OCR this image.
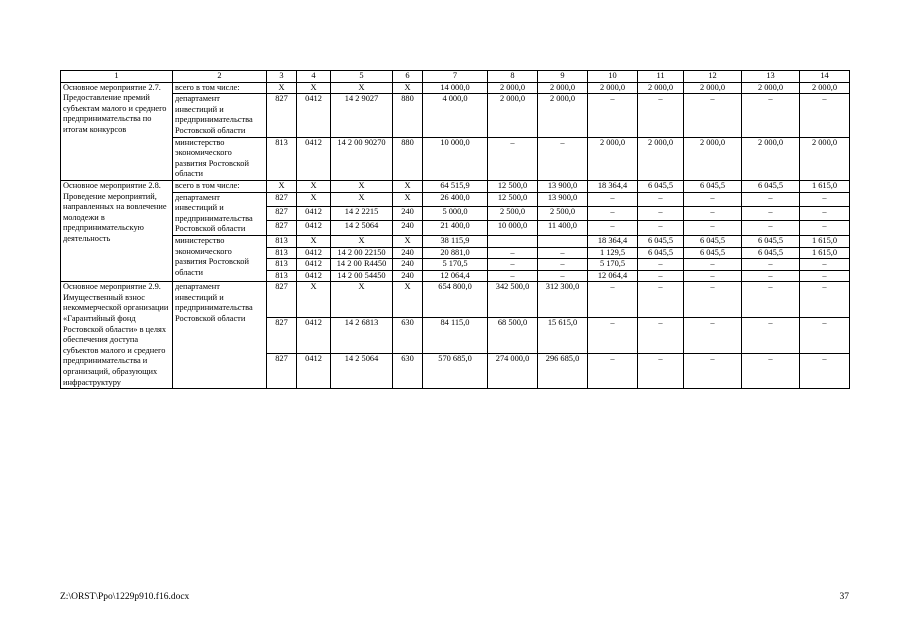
1	2	3	4	5	6	7	8	9	10	11	12	13	14
Основное мероприятие 2.7. Предоставление премий субъектам малого и среднего предпринимательства по итогам конкурсов	всего в том числе:	X	X	X	X	14 000,0	2 000,0	2 000,0	2 000,0	2 000,0	2 000,0	2 000,0	2 000,0
	департамент инвестиций и предпринимательства Ростовской области	827	0412	14 2 9027	880	4 000,0	2 000,0	2 000,0	–	–	–	–	–
	министерство экономического развития Ростовской области	813	0412	14 2 00 90270	880	10 000,0	–	–	2 000,0	2 000,0	2 000,0	2 000,0	2 000,0
Основное мероприятие 2.8. Проведение мероприятий, направленных на вовлечение молодежи в предпринимательскую деятельность	всего в том числе:	X	X	X	X	64 515,9	12 500,0	13 900,0	18 364,4	6 045,5	6 045,5	6 045,5	1 615,0
	департамент инвестиций и предпринимательства Ростовской области	827	X	X	X	26 400,0	12 500,0	13 900,0	–	–	–	–	–
		827	0412	14 2 2215	240	5 000,0	2 500,0	2 500,0	–	–	–	–	–
		827	0412	14 2 5064	240	21 400,0	10 000,0	11 400,0	–	–	–	–	–
	министерство экономического развития Ростовской области	813	X	X	X	38 115,9			18 364,4	6 045,5	6 045,5	6 045,5	1 615,0
		813	0412	14 2 00 22150	240	20 881,0	–	–	1 129,5	6 045,5	6 045,5	6 045,5	1 615,0
		813	0412	14 2 00 R4450	240	5 170,5	–	–	5 170,5	–	–	–	–
		813	0412	14 2 00 54450	240	12 064,4	–	–	12 064,4	–	–	–	–
Основное мероприятие 2.9. Имущественный взнос некоммерческой организации «Гарантийный фонд Ростовской области» в целях обеспечения доступа субъектов малого и среднего предпринимательства и организаций, образующих инфраструктуру	департамент инвестиций и предпринимательства Ростовской области	827	X	X	X	654 800,0	342 500,0	312 300,0	–	–	–	–	–
		827	0412	14 2 6813	630	84 115,0	68 500,0	15 615,0	–	–	–	–	–
		827	0412	14 2 5064	630	570 685,0	274 000,0	296 685,0	–	–	–	–	–
Z:\ORST\Ppo\1229p910.f16.docx	37
